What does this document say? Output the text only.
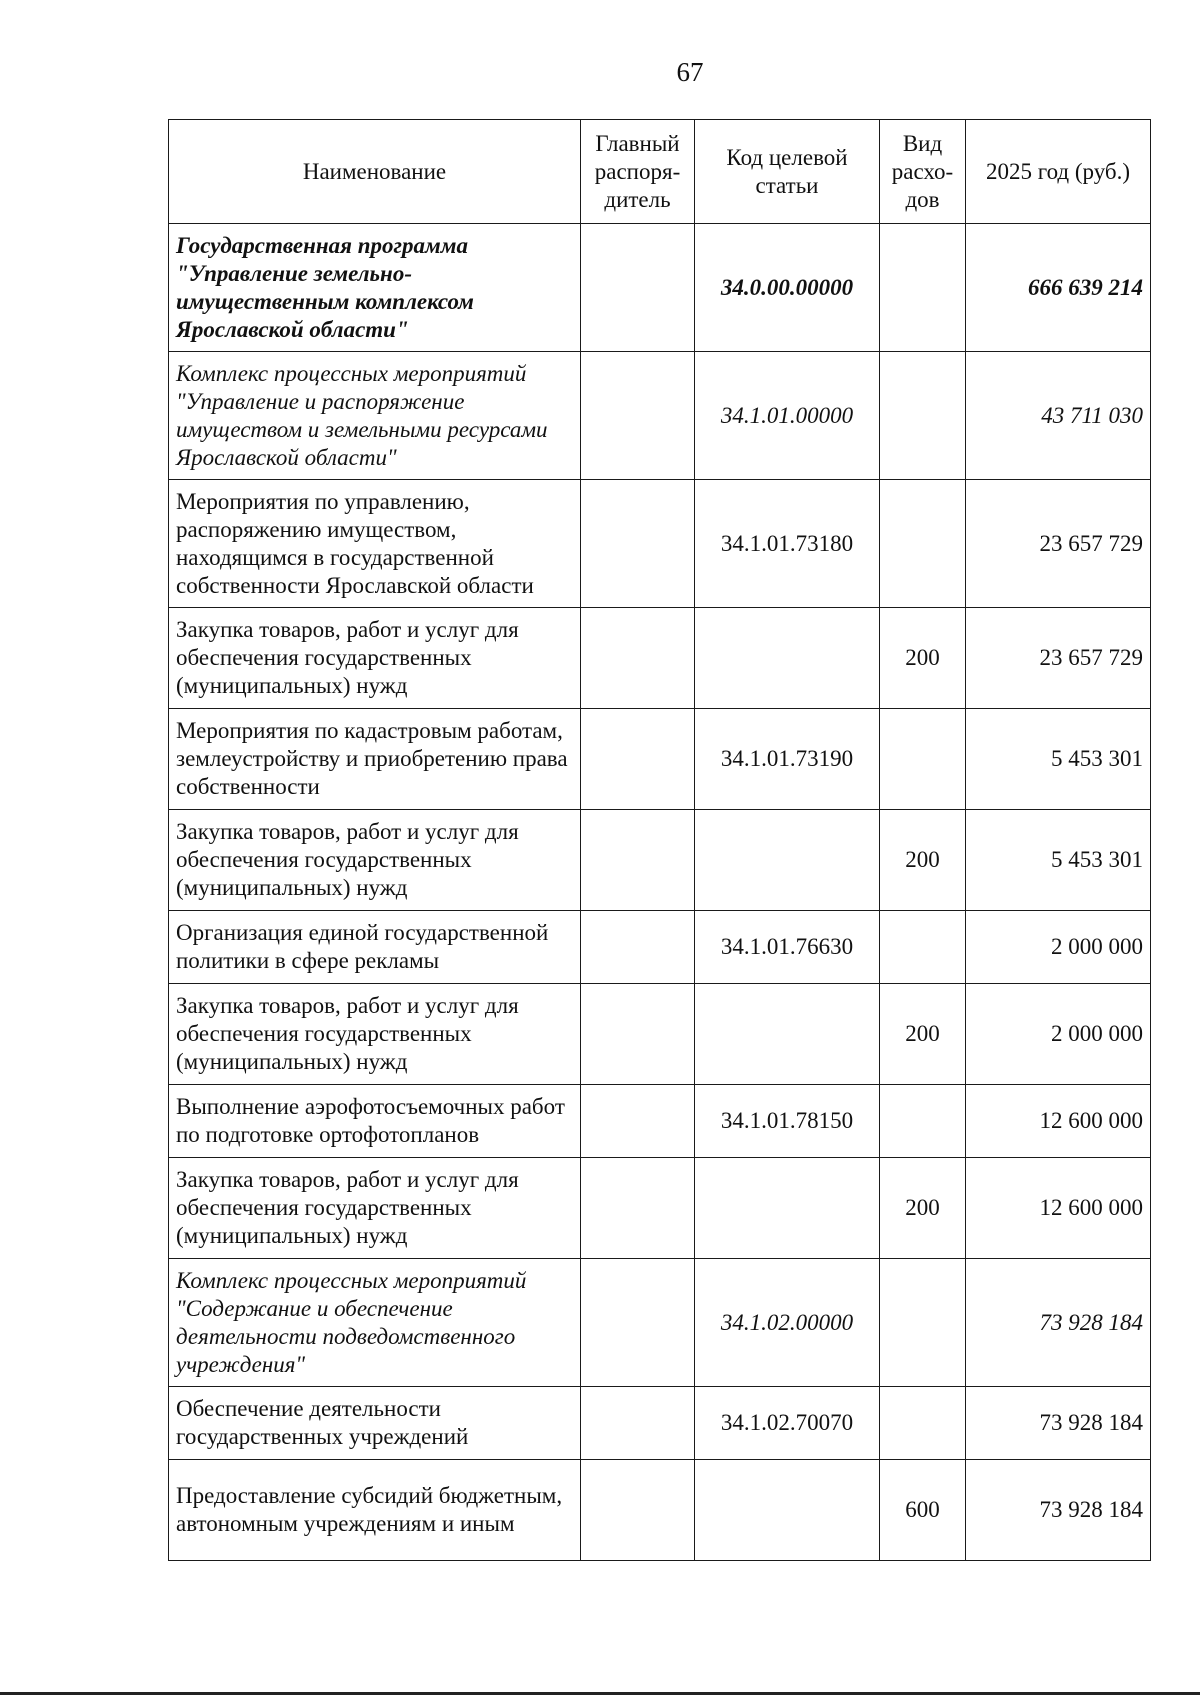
67
Наименование	Главный распоря-дитель	Код целевой статьи	Вид расхо-дов	2025 год (руб.)
Государственная программа "Управление земельно-имущественным комплексом Ярославской области"		34.0.00.00000		666 639 214
Комплекс процессных мероприятий "Управление и распоряжение имуществом и земельными ресурсами Ярославской области"		34.1.01.00000		43 711 030
Мероприятия по управлению, распоряжению имуществом, находящимся в государственной собственности Ярославской области		34.1.01.73180		23 657 729
Закупка товаров, работ и услуг для обеспечения государственных (муниципальных) нужд			200	23 657 729
Мероприятия по кадастровым работам, землеустройству и приобретению права собственности		34.1.01.73190		5 453 301
Закупка товаров, работ и услуг для обеспечения государственных (муниципальных) нужд			200	5 453 301
Организация единой государственной политики в сфере рекламы		34.1.01.76630		2 000 000
Закупка товаров, работ и услуг для обеспечения государственных (муниципальных) нужд			200	2 000 000
Выполнение аэрофотосъемочных работ по подготовке ортофотопланов		34.1.01.78150		12 600 000
Закупка товаров, работ и услуг для обеспечения государственных (муниципальных) нужд			200	12 600 000
Комплекс процессных мероприятий "Содержание и обеспечение деятельности подведомственного учреждения"		34.1.02.00000		73 928 184
Обеспечение деятельности государственных учреждений		34.1.02.70070		73 928 184
Предоставление субсидий бюджетным, автономным учреждениям и иным			600	73 928 184
